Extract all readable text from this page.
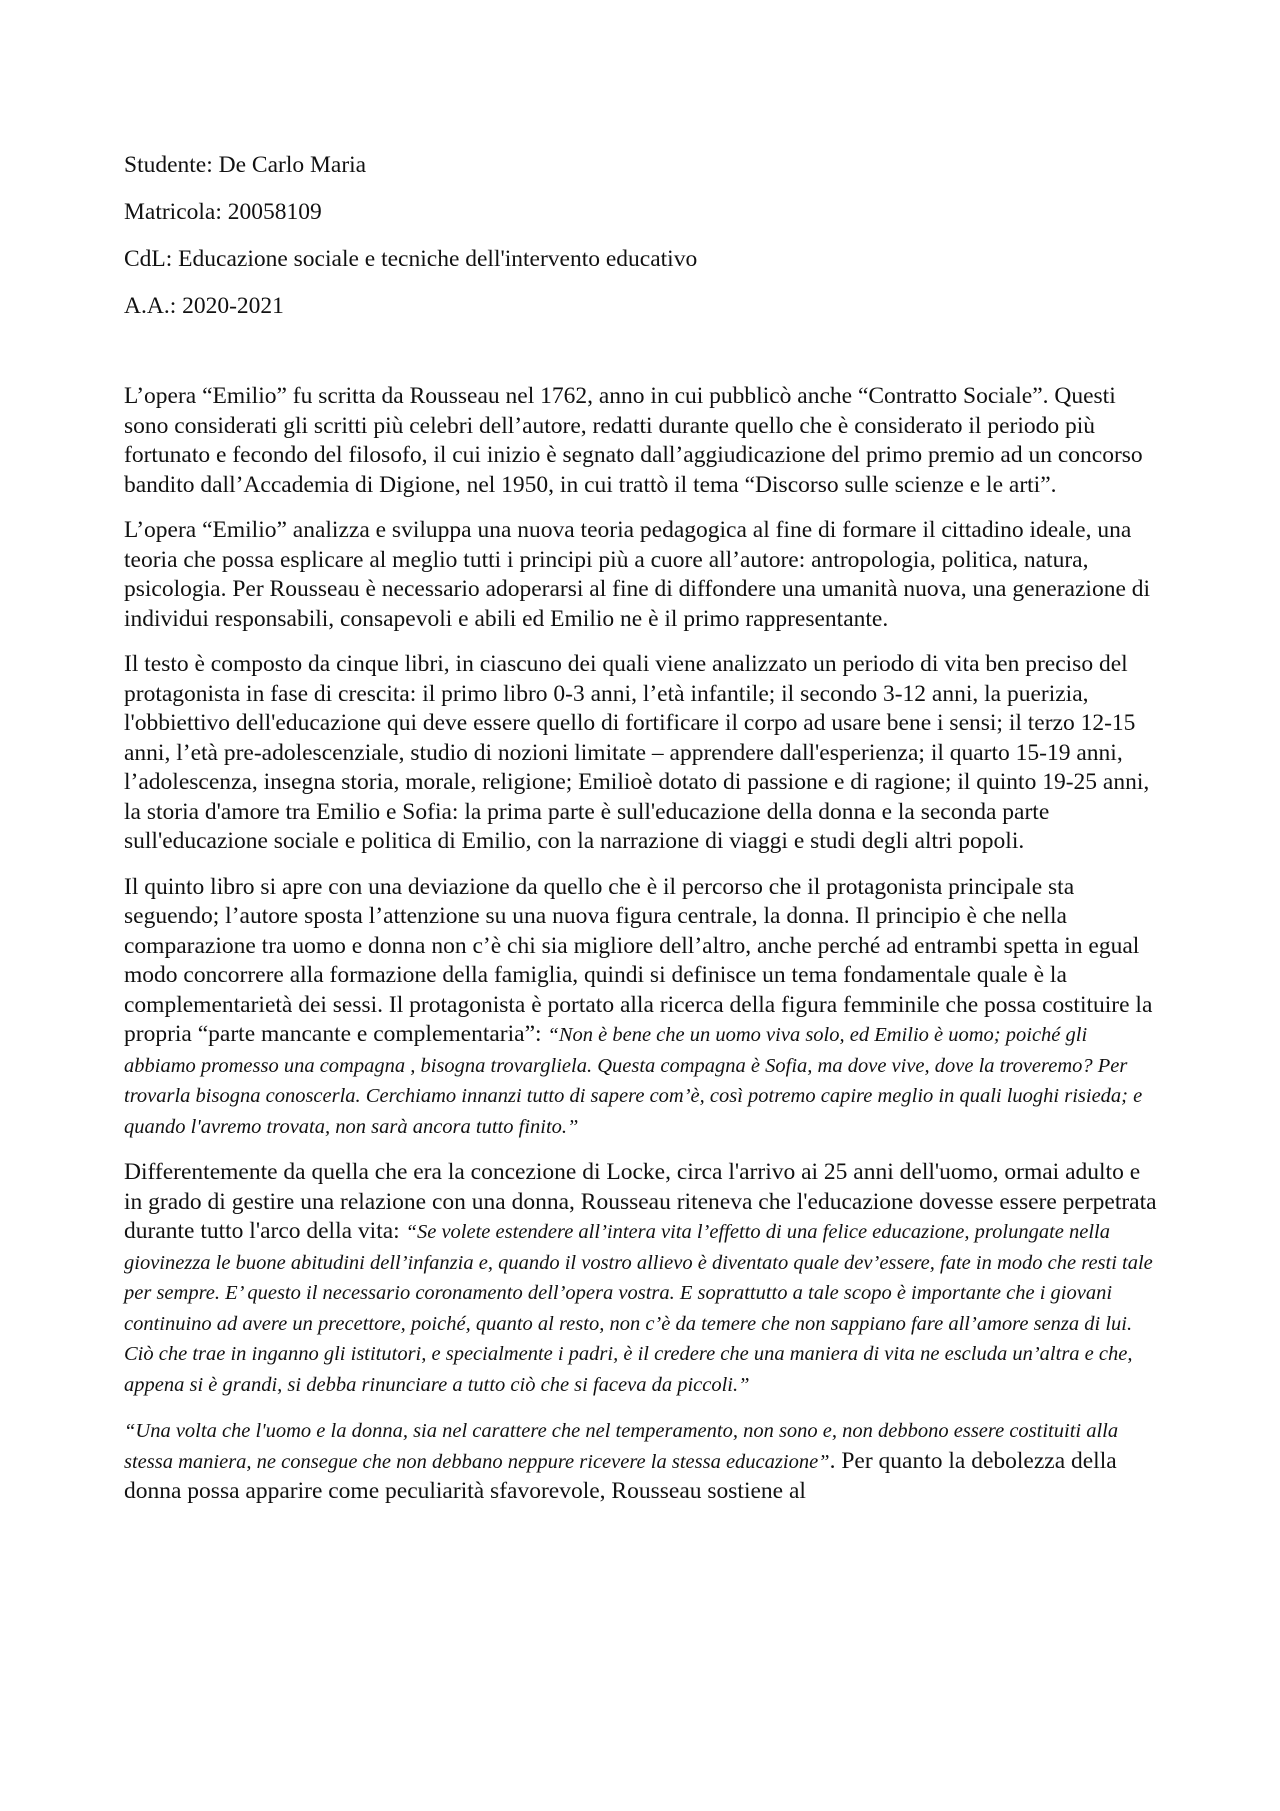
Studente: De Carlo Maria
Matricola: 20058109
CdL: Educazione sociale e tecniche dell'intervento educativo
A.A.: 2020-2021

L’opera “Emilio” fu scritta da Rousseau nel 1762, anno in cui pubblicò anche “Contratto Sociale”. Questi sono considerati gli scritti più celebri dell’autore, redatti durante quello che è considerato il periodo più fortunato e fecondo del filosofo, il cui inizio è segnato dall’aggiudicazione del primo premio ad un concorso bandito dall’Accademia di Digione, nel 1950, in cui trattò il tema “Discorso sulle scienze e le arti”.

L’opera “Emilio” analizza e sviluppa una nuova teoria pedagogica al fine di formare il cittadino ideale, una teoria che possa esplicare al meglio tutti i principi più a cuore all’autore: antropologia, politica, natura, psicologia. Per Rousseau è necessario adoperarsi al fine di diffondere una umanità nuova, una generazione di individui responsabili, consapevoli e abili ed Emilio ne è il primo rappresentante.

Il testo è composto da cinque libri, in ciascuno dei quali viene analizzato un periodo di vita ben preciso del protagonista in fase di crescita: il primo libro 0-3 anni, l’età infantile; il secondo 3-12 anni, la puerizia, l'obbiettivo dell'educazione qui deve essere quello di fortificare il corpo ad usare bene i sensi; il terzo 12-15 anni, l’età pre-adolescenziale, studio di nozioni limitate – apprendere dall'esperienza; il quarto 15-19 anni, l’adolescenza, insegna storia, morale, religione; Emilioè dotato di passione e di ragione; il quinto 19-25 anni, la storia d'amore tra Emilio e Sofia: la prima parte è sull'educazione della donna e la seconda parte sull'educazione sociale e politica di Emilio, con la narrazione di viaggi e studi degli altri popoli.

Il quinto libro si apre con una deviazione da quello che è il percorso che il protagonista principale sta seguendo; l’autore sposta l’attenzione su una nuova figura centrale, la donna. Il principio è che nella comparazione tra uomo e donna non c’è chi sia migliore dell’altro, anche perché ad entrambi spetta in egual modo concorrere alla formazione della famiglia, quindi si definisce un tema fondamentale quale è la complementarietà dei sessi. Il protagonista è portato alla ricerca della figura femminile che possa costituire la propria “parte mancante e complementaria”: “Non è bene che un uomo viva solo, ed Emilio è uomo; poiché gli abbiamo promesso una compagna , bisogna trovargliela. Questa compagna è Sofia, ma dove vive, dove la troveremo? Per trovarla bisogna conoscerla. Cerchiamo innanzi tutto di sapere com’è, così potremo capire meglio in quali luoghi risieda; e quando l'avremo trovata, non sarà ancora tutto finito.”

Differentemente da quella che era la concezione di Locke, circa l'arrivo ai 25 anni dell'uomo, ormai adulto e in grado di gestire una relazione con una donna, Rousseau riteneva che l'educazione dovesse essere perpetrata durante tutto l'arco della vita: “Se volete estendere all’intera vita l’effetto di una felice educazione, prolungate nella giovinezza le buone abitudini dell’infanzia e, quando il vostro allievo è diventato quale dev’essere, fate in modo che resti tale per sempre. E’ questo il necessario coronamento dell’opera vostra. E soprattutto a tale scopo è importante che i giovani continuino ad avere un precettore, poiché, quanto al resto, non c’è da temere che non sappiano fare all’amore senza di lui. Ciò che trae in inganno gli istitutori, e specialmente i padri, è il credere che una maniera di vita ne escluda un’altra e che, appena si è grandi, si debba rinunciare a tutto ciò che si faceva da piccoli.”

“Una volta che l'uomo e la donna, sia nel carattere che nel temperamento, non sono e, non debbono essere costituiti alla stessa maniera, ne consegue che non debbano neppure ricevere la stessa educazione”. Per quanto la debolezza della donna possa apparire come peculiarità sfavorevole, Rousseau sostiene al
